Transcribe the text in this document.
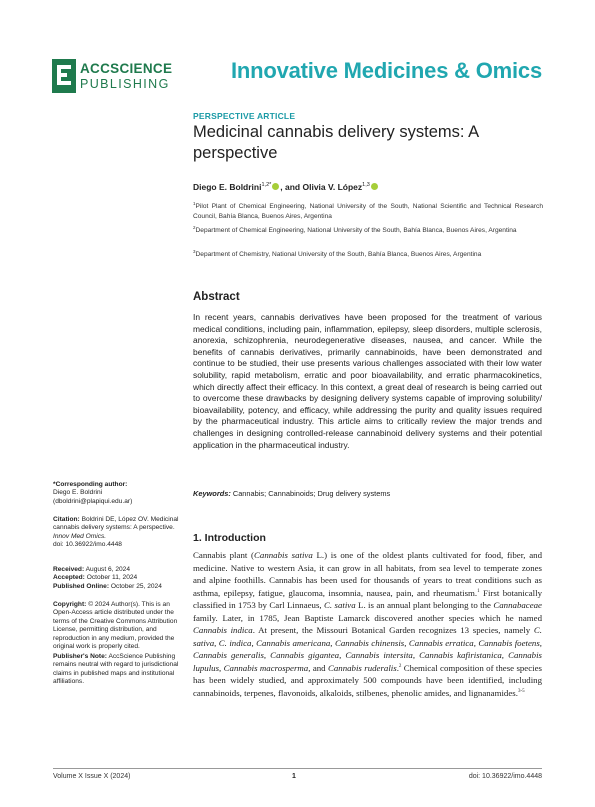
ACCSCIENCE
PUBLISHING
Innovative Medicines & Omics
PERSPECTIVE ARTICLE
Medicinal cannabis delivery systems: A perspective
Diego E. Boldrini$^{1,2*}$ , and Olivia V. López$^{1,3}$
$^1$Pilot Plant of Chemical Engineering, National University of the South, National Scientific and Technical Research Council, Bahía Blanca, Buenos Aires, Argentina
$^2$Department of Chemical Engineering, National University of the South, Bahía Blanca, Buenos Aires, Argentina
$^3$Department of Chemistry, National University of the South, Bahía Blanca, Buenos Aires, Argentina
Abstract
In recent years, cannabis derivatives have been proposed for the treatment of various medical conditions, including pain, inflammation, epilepsy, sleep disorders, multiple sclerosis, anorexia, schizophrenia, neurodegenerative diseases, nausea, and cancer. While the benefits of cannabis derivatives, primarily cannabinoids, have been demonstrated and continue to be studied, their use presents various challenges associated with their low water solubility, rapid metabolism, erratic and poor bioavailability, and erratic pharmacokinetics, which directly affect their efficacy. In this context, a great deal of research is being carried out to overcome these drawbacks by designing delivery systems capable of improving solubility/ bioavailability, potency, and efficacy, while addressing the purity and quality issues required by the pharmaceutical industry. This article aims to critically review the major trends and challenges in designing controlled-release cannabinoid delivery systems and their potential application in the pharmaceutical industry.
Keywords: Cannabis; Cannabinoids; Drug delivery systems
1. Introduction
Cannabis plant (Cannabis sativa L.) is one of the oldest plants cultivated for food, fiber, and medicine. Native to western Asia, it can grow in all habitats, from sea level to temperate zones and alpine foothills. Cannabis has been used for thousands of years to treat conditions such as asthma, epilepsy, fatigue, glaucoma, insomnia, nausea, pain, and rheumatism.$^1$ First botanically classified in 1753 by Carl Linnaeus, C. sativa L. is an annual plant belonging to the Cannabaceae family. Later, in 1785, Jean Baptiste Lamarck discovered another species which he named Cannabis indica. At present, the Missouri Botanical Garden recognizes 13 species, namely C. sativa, C. indica, Cannabis americana, Cannabis chinensis, Cannabis erratica, Cannabis foetens, Cannabis generalis, Cannabis gigantea, Cannabis intersita, Cannabis kafiristanica, Cannabis lupulus, Cannabis macrosperma, and Cannabis ruderalis.$^2$ Chemical composition of these species has been widely studied, and approximately 500 compounds have been identified, including cannabinoids, terpenes, flavonoids, alkaloids, stilbenes, phenolic amides, and lignanamides.$^{3-5}$
*Corresponding author:
Diego E. Boldrini
(dboldrini@plapiqui.edu.ar)
Citation: Boldrini DE, López OV. Medicinal cannabis delivery systems: A perspective. Innov Med Omics.
doi: 10.36922/imo.4448
Received: August 6, 2024
Accepted: October 11, 2024
Published Online: October 25, 2024
Copyright: © 2024 Author(s). This is an Open-Access article distributed under the terms of the Creative Commons Attribution License, permitting distribution, and reproduction in any medium, provided the original work is properly cited.
Publisher's Note: AccScience Publishing remains neutral with regard to jurisdictional claims in published maps and institutional affiliations.
Volume X Issue X (2024)	1	doi: 10.36922/imo.4448
